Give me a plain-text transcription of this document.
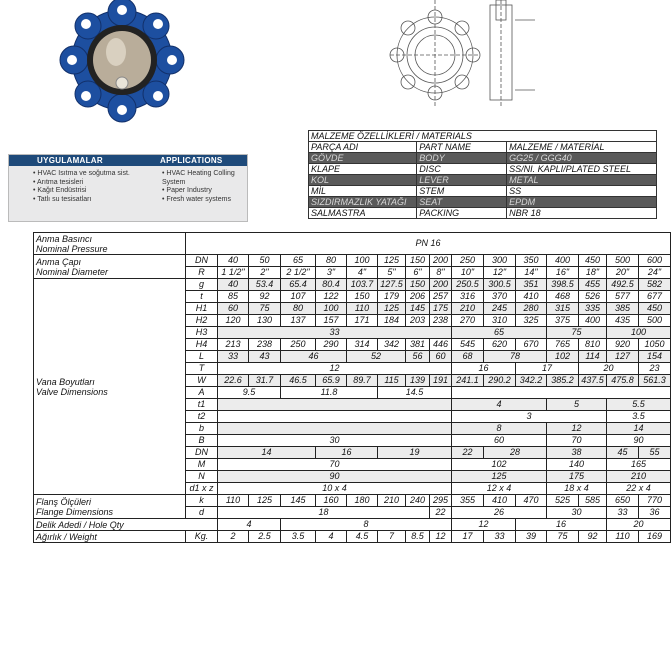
MALZEME ÖZELLİKLERİ / MATERIALS		
PARÇA ADI	PART NAME	MALZEME / MATERİAL
GÖVDE	BODY	GG25 / GGG40
KLAPE	DISC	SS/NI. KAPLI/PLATED STEEL
KOL	LEVER	METAL
MİL	STEM	SS
SIZDIRMAZLIK YATAĞI	SEAT	EPDM
SALMASTRA	PACKING	NBR 18
UYGULAMALAR	APPLICATIONS
• HVAC Isıtma ve soğutma sist.
• Arıtma tesisleri
• Kağıt Endüstrisi
• Tatlı su tesisatları
• HVAC Heating Colling System
• Paper Industry
• Fresh water systems
Anma Basıncı
Nominal Pressure	PN 16															

Anma Çapı
Nominal Diameter	DN	40	50	65	80	100	125	150	200	250	300	350	400	450	500	600
	R	1 1/2"	2"	2 1/2"	3"	4"	5"	6"	8"	10"	12"	14"	16"	18"	20"	24"

Vana Boyutları
Valve Dimensions	g	40	53.4	65.4	80.4	103.7	127.5	150	200	250.5	300.5	351	398.5	455	492.5	582
	t	85	92	107	122	150	179	206	257	316	370	410	468	526	577	677
	H1	60	75	80	100	110	125	145	175	210	245	280	315	335	385	450
	H2	120	130	137	157	171	184	203	238	270	310	325	375	400	435	500
	H3	33								65			75		100	
	H4	213	238	250	290	314	342	381	446	545	620	670	765	810	920	1050
	L	33	43	46		52		56	60	68	78		102	114	127	154
	T	12								16		17		20		23
	W	22.6	31.7	46.5	65.9	89.7	115	139	191	241.1	290.2	342.2	385.2	437.5	475.8	561.3
	A	9.5		11.8			14.5									
	t1									4			5		5.5	
	t2									3					3.5	
	b									8			12		14	
	B	30								60			70		90	
	DN	14			16		19			22	28		38		45	55
	M	70								102			140		165	
	N	90								125			175		210	
	d1 x z	10 x 4								12 x 4			18 x 4		22 x 4	

Flanş Ölçüleri
Flange Dimensions	k	110	125	145	160	180	210	240	295	355	410	470	525	585	650	770
	d	18							22	26			30		33	36
Delik Adedi / Hole Qty		4		8						12		16			20	
Ağırlık / Weight	Kg.	2	2.5	3.5	4	4.5	7	8.5	12	17	33	39	75	92	110	169
